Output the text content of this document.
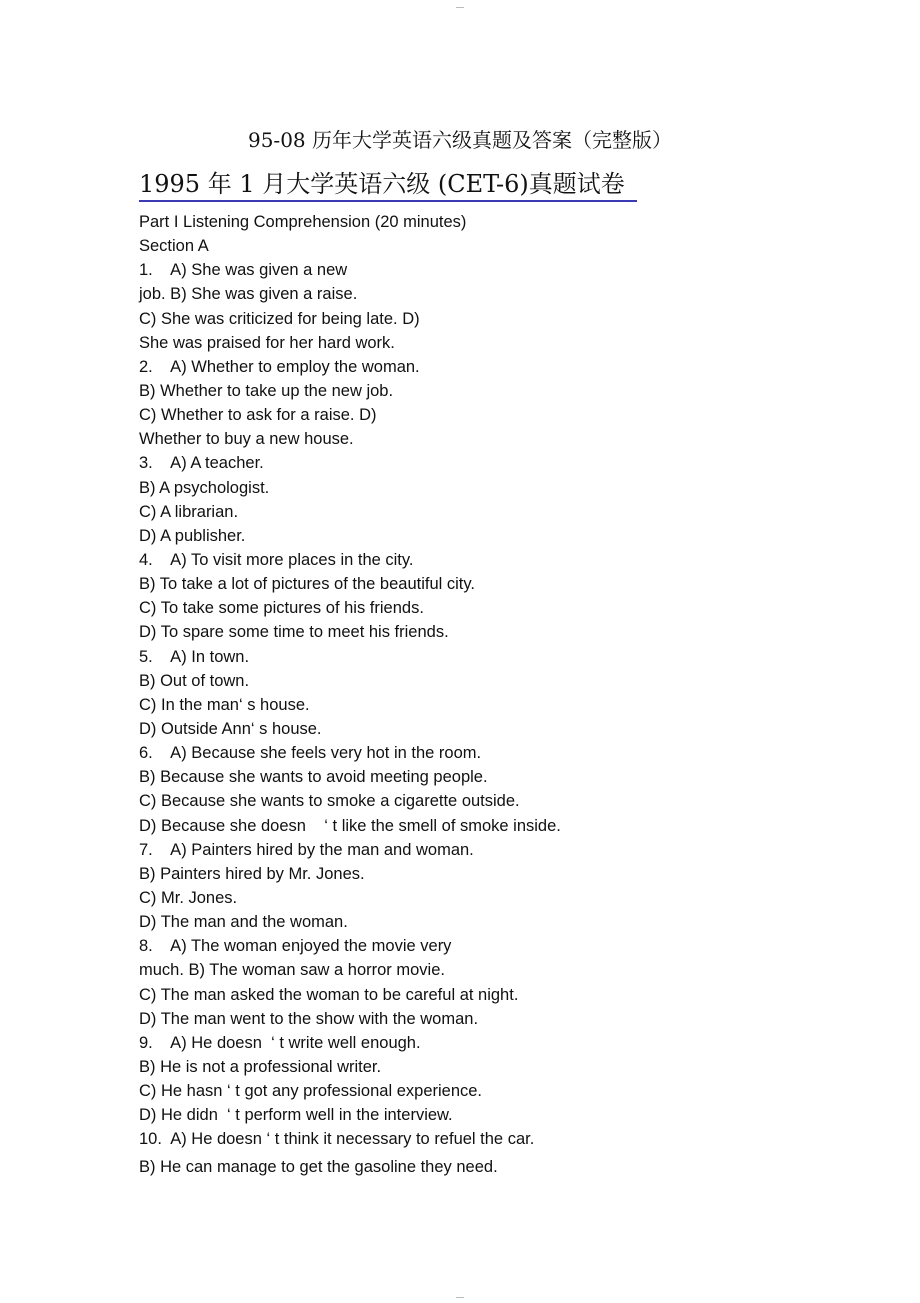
95-08 历年大学英语六级真题及答案（完整版）
1995 年 1 月大学英语六级 (CET-6)真题试卷
Part I Listening Comprehension (20 minutes)
Section A
1.    A) She was given a new
job. B) She was given a raise.
C) She was criticized for being late. D)
She was praised for her hard work.
2.    A) Whether to employ the woman.
B) Whether to take up the new job.
C) Whether to ask for a raise. D)
Whether to buy a new house.
3.    A) A teacher.
B) A psychologist.
C) A librarian.
D) A publisher.
4.    A) To visit more places in the city.
B) To take a lot of pictures of the beautiful city.
C) To take some pictures of his friends.
D) To spare some time to meet his friends.
5.    A) In town.
B) Out of town.
C) In the man‘ s house.
D) Outside Ann‘ s house.
6.    A) Because she feels very hot in the room.
B) Because she wants to avoid meeting people.
C) Because she wants to smoke a cigarette outside.
D) Because she doesn    ‘ t like the smell of smoke inside.
7.    A) Painters hired by the man and woman.
B) Painters hired by Mr. Jones.
C) Mr. Jones.
D) The man and the woman.
8.    A) The woman enjoyed the movie very
much. B) The woman saw a horror movie.
C) The man asked the woman to be careful at night.
D) The man went to the show with the woman.
9.    A) He doesn  ‘ t write well enough.
B) He is not a professional writer.
C) He hasn ‘ t got any professional experience.
D) He didn  ‘ t perform well in the interview.
10.  A) He doesn ‘ t think it necessary to refuel the car.
B) He can manage to get the gasoline they need.
